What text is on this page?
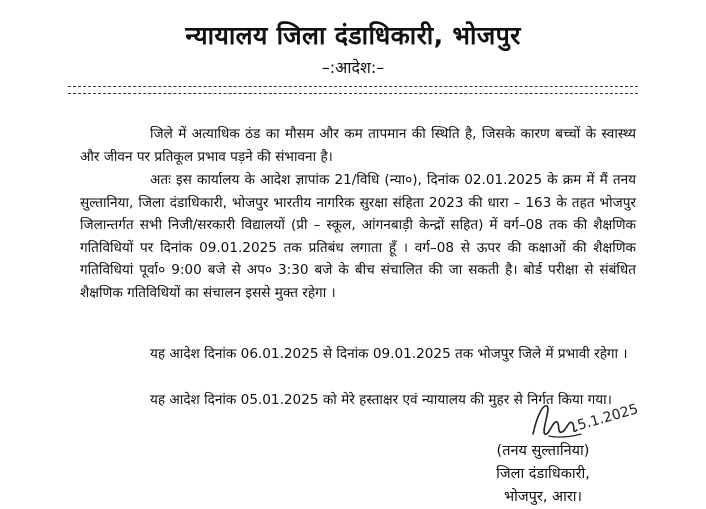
न्यायालय जिला दंडाधिकारी, भोजपुर
–:आदेश:–
जिले में अत्याधिक ठंड का मौसम और कम तापमान की स्थिति है, जिसके कारण बच्चों के स्वास्थ्य और जीवन पर प्रतिकूल प्रभाव पड़ने की संभावना है।
अतः इस कार्यालय के आदेश ज्ञापांक 21/विधि (न्या०), दिनांक 02.01.2025 के क्रम में मैं तनय सुल्तानिया, जिला दंडाधिकारी, भोजपुर भारतीय नागरिक सुरक्षा संहिता 2023 की धारा – 163 के तहत भोजपुर जिलान्तर्गत सभी निजी/सरकारी विद्यालयों (प्री – स्कूल, आंगनबाड़ी केन्द्रों सहित) में वर्ग–08 तक की शैक्षणिक गतिविधियों पर दिनांक 09.01.2025 तक प्रतिबंध लगाता हूँ । वर्ग–08 से ऊपर की कक्षाओं की शैक्षणिक गतिविधियां पूर्वा० 9:00 बजे से अप० 3:30 बजे के बीच संचालित की जा सकती है। बोर्ड परीक्षा से संबंधित शैक्षणिक गतिविधियों का संचालन इससे मुक्त रहेगा ।
यह आदेश दिनांक 06.01.2025 से दिनांक 09.01.2025 तक भोजपुर जिले में प्रभावी रहेगा ।
यह आदेश दिनांक 05.01.2025 को मेरे हस्ताक्षर एवं न्यायालय की मुहर से निर्गत किया गया।
5.1.2025
(तनय सुल्तानिया)
जिला दंडाधिकारी,
भोजपुर, आरा।
